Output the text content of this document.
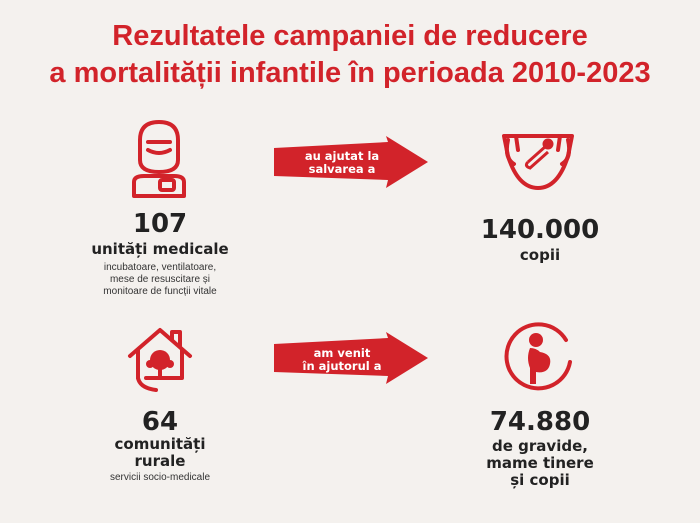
Rezultatele campaniei de reducere
a mortalității infantile în perioada 2010-2023
107
unități medicale
incubatoare, ventilatoare,
mese de resuscitare și
monitoare de funcții vitale
au ajutat la
salvarea a
140.000
copii
64
comunități
rurale
servicii socio-medicale
am venit
în ajutorul a
74.880
de gravide,
mame tinere
și copii
